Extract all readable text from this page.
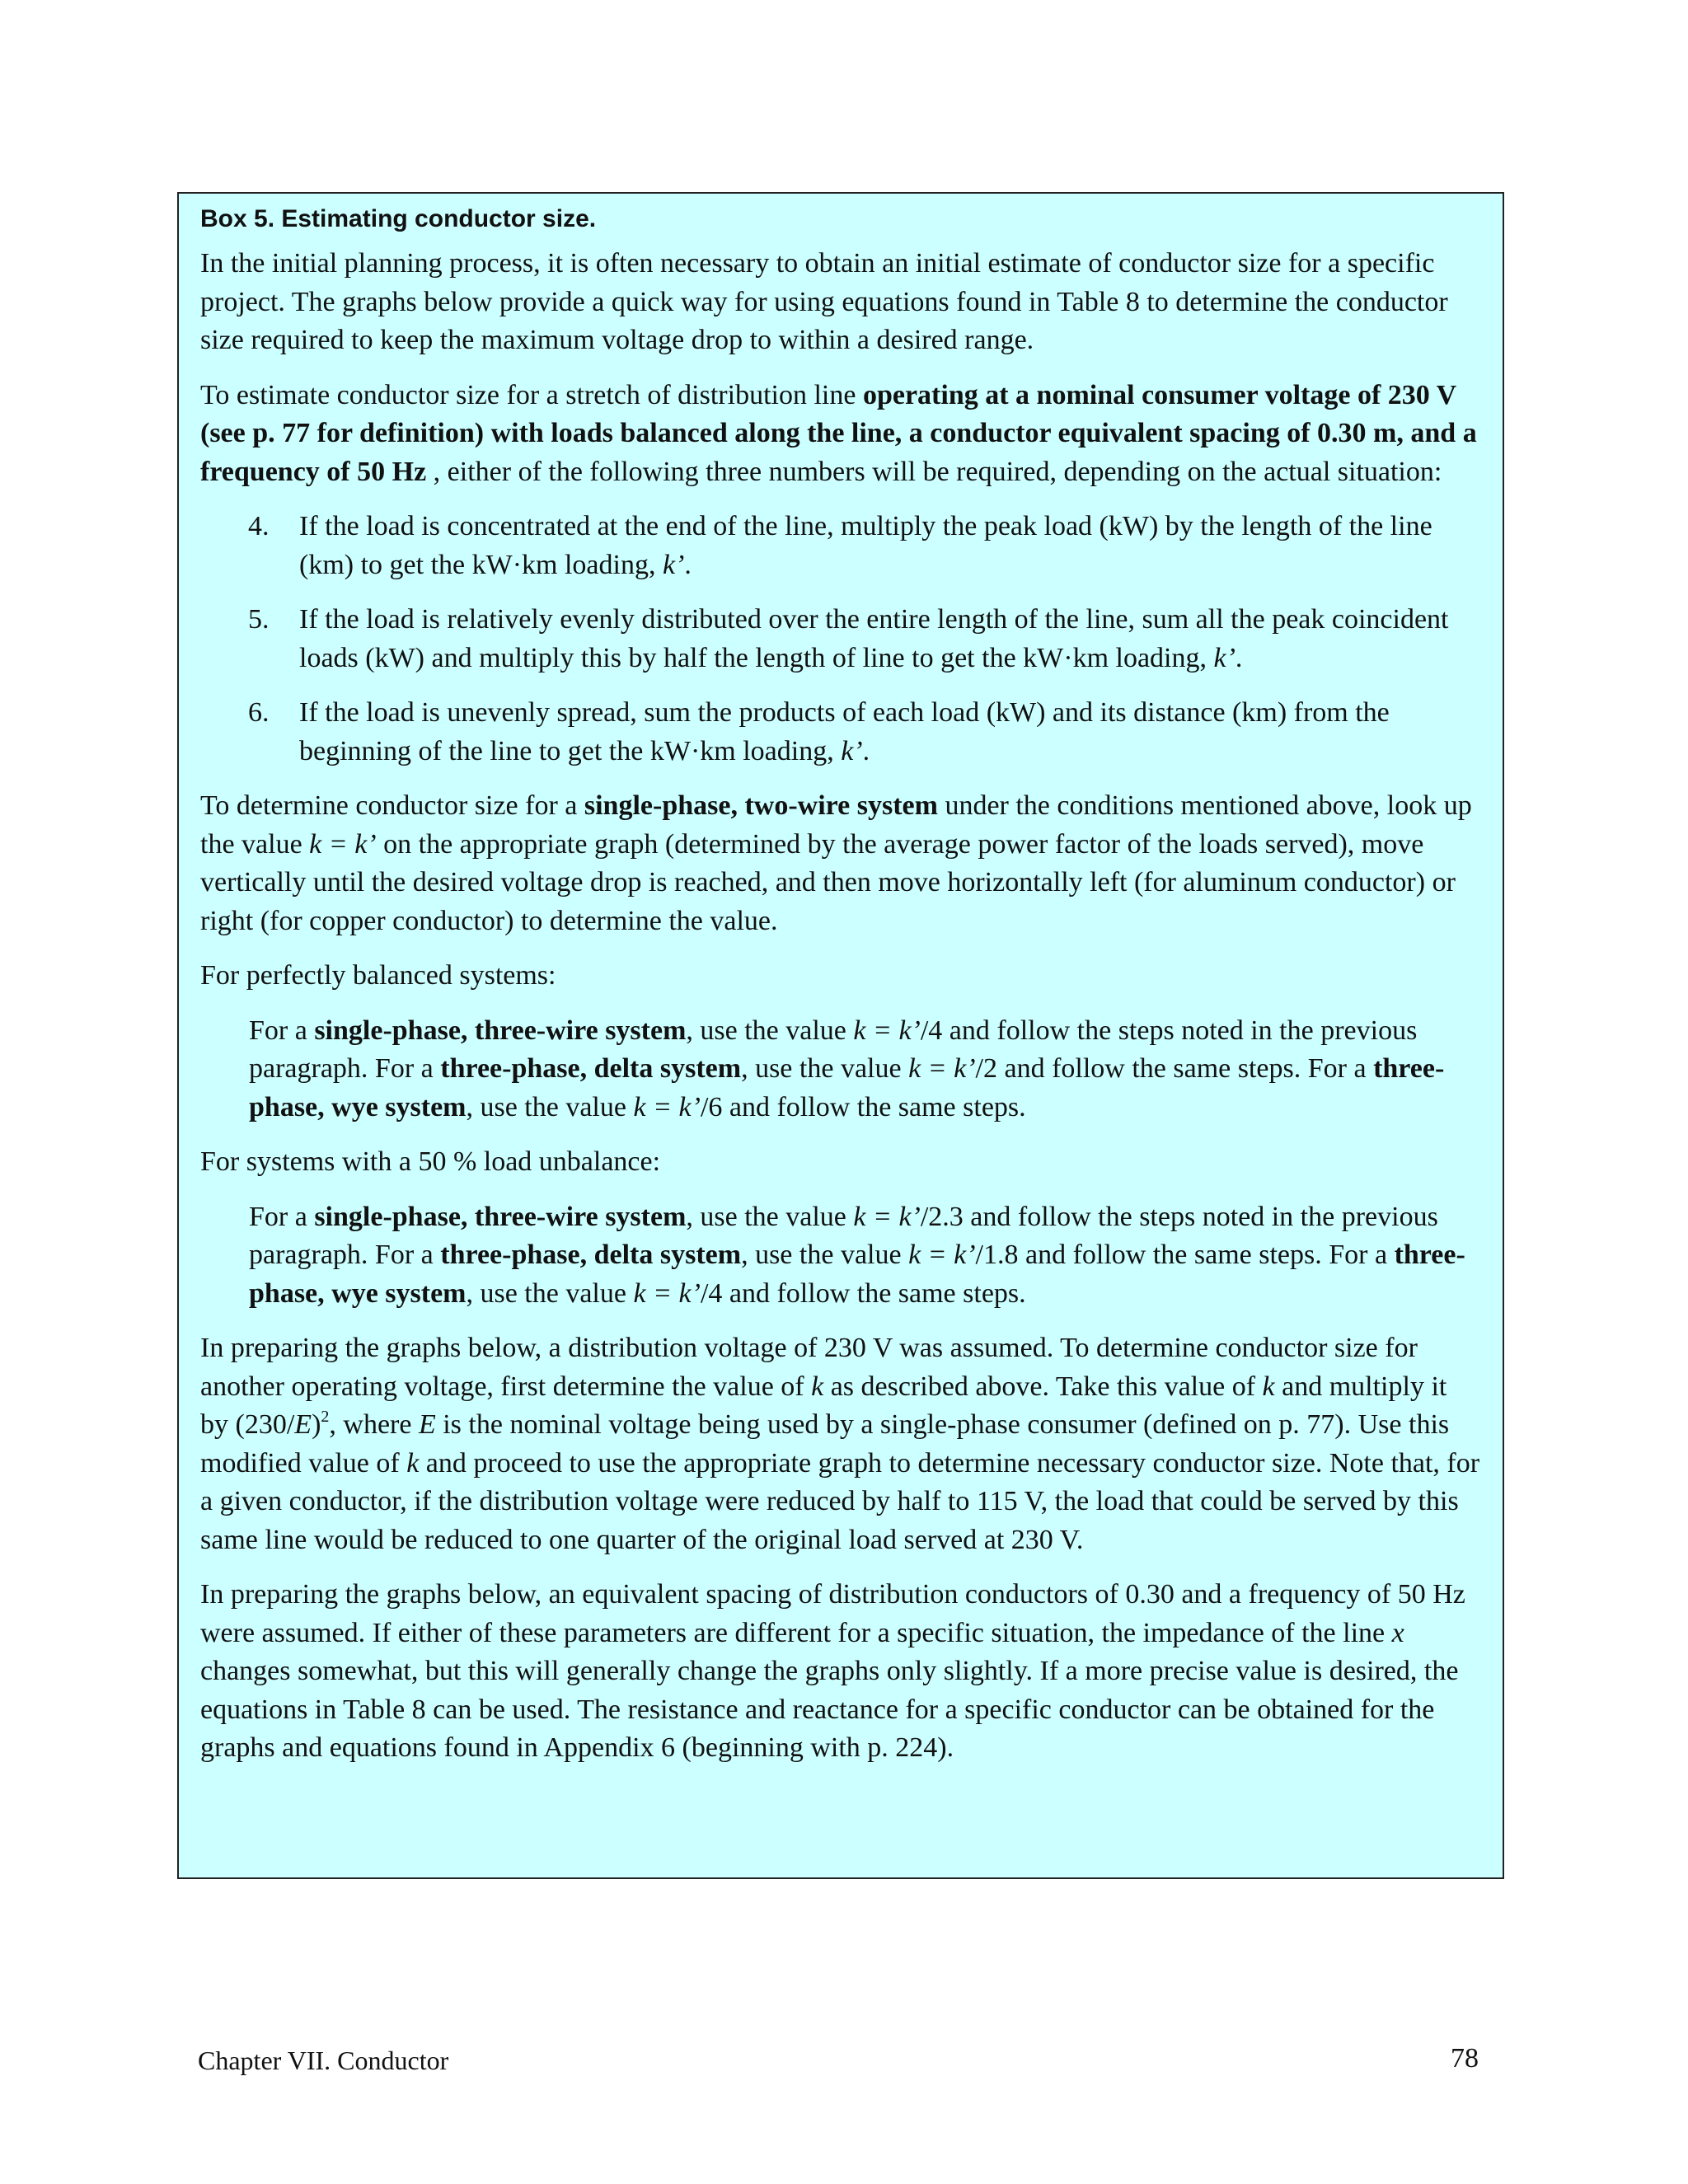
Box 5. Estimating conductor size.

In the initial planning process, it is often necessary to obtain an initial estimate of conductor size for a specific project. The graphs below provide a quick way for using equations found in Table 8 to determine the conductor size required to keep the maximum voltage drop to within a desired range.

To estimate conductor size for a stretch of distribution line operating at a nominal consumer voltage of 230 V (see p. 77 for definition) with loads balanced along the line, a conductor equivalent spacing of 0.30 m, and a frequency of 50 Hz , either of the following three numbers will be required, depending on the actual situation:

4. If the load is concentrated at the end of the line, multiply the peak load (kW) by the length of the line (km) to get the kW·km loading, k’.
5. If the load is relatively evenly distributed over the entire length of the line, sum all the peak coincident loads (kW) and multiply this by half the length of line to get the kW·km loading, k’.
6. If the load is unevenly spread, sum the products of each load (kW) and its distance (km) from the beginning of the line to get the kW·km loading, k’.

To determine conductor size for a single-phase, two-wire system under the conditions mentioned above, look up the value k = k’ on the appropriate graph (determined by the average power factor of the loads served), move vertically until the desired voltage drop is reached, and then move horizontally left (for aluminum conductor) or right (for copper conductor) to determine the value.

For perfectly balanced systems:

For a single-phase, three-wire system, use the value k = k’/4 and follow the steps noted in the previous paragraph. For a three-phase, delta system, use the value k = k’/2 and follow the same steps. For a three-phase, wye system, use the value k = k’/6 and follow the same steps.

For systems with a 50 % load unbalance:

For a single-phase, three-wire system, use the value k = k’/2.3 and follow the steps noted in the previous paragraph. For a three-phase, delta system, use the value k = k’/1.8 and follow the same steps. For a three-phase, wye system, use the value k = k’/4 and follow the same steps.

In preparing the graphs below, a distribution voltage of 230 V was assumed. To determine conductor size for another operating voltage, first determine the value of k as described above. Take this value of k and multiply it by $(230/E)^2$, where E is the nominal voltage being used by a single-phase consumer (defined on p. 77). Use this modified value of k and proceed to use the appropriate graph to determine necessary conductor size. Note that, for a given conductor, if the distribution voltage were reduced by half to 115 V, the load that could be served by this same line would be reduced to one quarter of the original load served at 230 V.

In preparing the graphs below, an equivalent spacing of distribution conductors of 0.30 and a frequency of 50 Hz were assumed. If either of these parameters are different for a specific situation, the impedance of the line x changes somewhat, but this will generally change the graphs only slightly. If a more precise value is desired, the equations in Table 8 can be used. The resistance and reactance for a specific conductor can be obtained for the graphs and equations found in Appendix 6 (beginning with p. 224).

Chapter VII. Conductor	78
